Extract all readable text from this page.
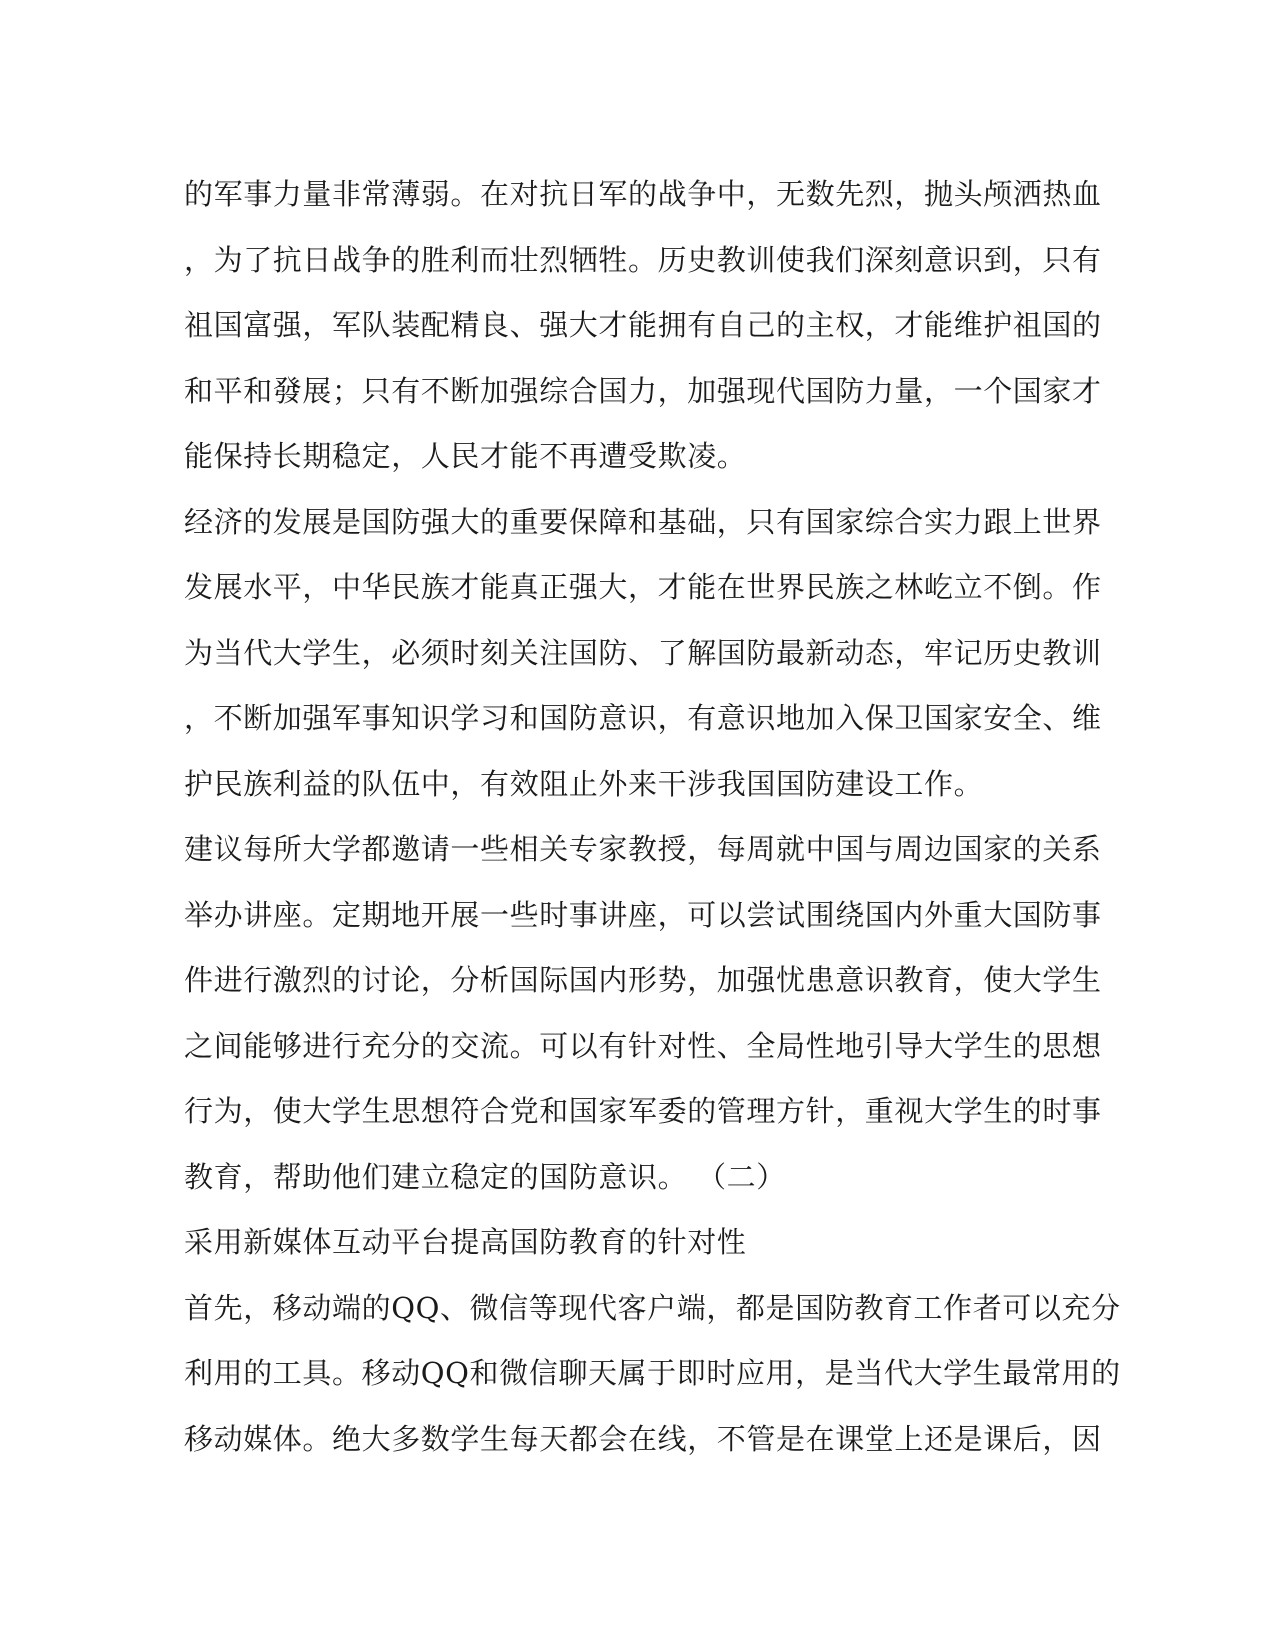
的军事力量非常薄弱。在对抗日军的战争中，无数先烈，抛头颅洒热血
，为了抗日战争的胜利而壮烈牺牲。历史教训使我们深刻意识到，只有
祖国富强，军队装配精良、强大才能拥有自己的主权，才能维护祖国的
和平和發展；只有不断加强综合国力，加强现代国防力量，一个国家才
能保持长期稳定，人民才能不再遭受欺凌。
经济的发展是国防强大的重要保障和基础，只有国家综合实力跟上世界
发展水平，中华民族才能真正强大，才能在世界民族之林屹立不倒。作
为当代大学生，必须时刻关注国防、了解国防最新动态，牢记历史教训
，不断加强军事知识学习和国防意识，有意识地加入保卫国家安全、维
护民族利益的队伍中，有效阻止外来干涉我国国防建设工作。
建议每所大学都邀请一些相关专家教授，每周就中国与周边国家的关系
举办讲座。定期地开展一些时事讲座，可以尝试围绕国内外重大国防事
件进行激烈的讨论，分析国际国内形势，加强忧患意识教育，使大学生
之间能够进行充分的交流。可以有针对性、全局性地引导大学生的思想
行为，使大学生思想符合党和国家军委的管理方针，重视大学生的时事
教育，帮助他们建立稳定的国防意识。 （二）
采用新媒体互动平台提高国防教育的针对性
首先，移动端的QQ、微信等现代客户端，都是国防教育工作者可以充分
利用的工具。移动QQ和微信聊天属于即时应用，是当代大学生最常用的
移动媒体。绝大多数学生每天都会在线，不管是在课堂上还是课后，因
